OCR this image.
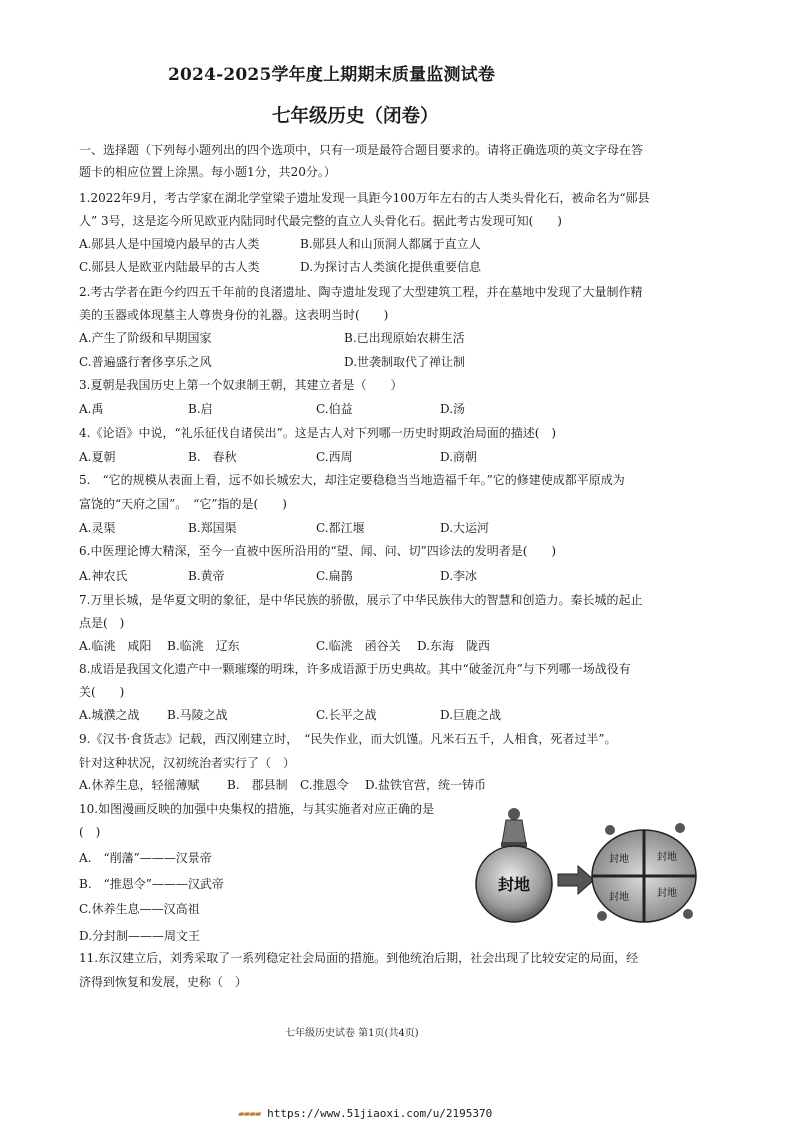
2024-2025学年度上期期末质量监测试卷
七年级历史（闭卷）
一、选择题（下列每小题列出的四个选项中，只有一项是最符合题目要求的。请将正确选项的英文字母在答
题卡的相应位置上涂黑。每小题1分，共20分。）
1.2022年9月，考古学家在湖北学堂梁子遗址发现一具距今100万年左右的古人类头骨化石，被命名为“郧县
人” 3号，这是迄今所见欧亚内陆同时代最完整的直立人头骨化石。据此考古发现可知(　　)
A.郧县人是中国境内最早的古人类	B.郧县人和山顶洞人都属于直立人
C.郧县人是欧亚内陆最早的古人类	D.为探讨古人类演化提供重要信息
2.考古学者在距今约四五千年前的良渚遗址、陶寺遗址发现了大型建筑工程，并在墓地中发现了大量制作精
美的玉器或体现墓主人尊贵身份的礼器。这表明当时(　　)
A.产生了阶级和早期国家	B.已出现原始农耕生活
C.普遍盛行奢侈享乐之风	D.世袭制取代了禅让制
3.夏朝是我国历史上第一个奴隶制王朝，其建立者是（　　）
A.禹	B.启	C.伯益	D.汤
4.《论语》中说，“礼乐征伐自诸侯出”。这是古人对下列哪一历史时期政治局面的描述(　)
A.夏朝	B.　春秋	C.西周	D.商朝
5.　“它的规模从表面上看，远不如长城宏大，却注定要稳稳当当地造福千年。”它的修建使成都平原成为
富饶的“天府之国”。　“它”指的是(　　)
A.灵渠	B.郑国渠	C.都江堰	D.大运河
6.中医理论博大精深，至今一直被中医所沿用的“望、闻、问、切”四诊法的发明者是(　　)
A.神农氏	B.黄帝	C.扁鹊	D.李冰
7.万里长城，是华夏文明的象征，是中华民族的骄傲，展示了中华民族伟大的智慧和创造力。秦长城的起止
点是(　)
A.临洮　咸阳 B.临洮　辽东	C.临洮　函谷关 D.东海　陇西
8.成语是我国文化遗产中一颗璀璨的明珠，许多成语源于历史典故。其中“破釜沉舟”与下列哪一场战役有
关(　　)
A.城濮之战 B.马陵之战	C.长平之战	D.巨鹿之战
9.《汉书·食货志》记载，西汉刚建立时，　“民失作业，而大饥馑。凡米石五千，人相食，死者过半”。
针对这种状况，汉初统治者实行了（　）
A.休养生息，轻徭薄赋 B.　郡县制 C.推恩令 D.盐铁官营，统一铸币
10.如图漫画反映的加强中央集权的措施，与其实施者对应正确的是
(　)
A.　“削藩”———汉景帝
B.　“推恩令”———汉武帝
C.休养生息——汉高祖
D.分封制———周文王
封地
封地	封地
封地	封地
11.东汉建立后，刘秀采取了一系列稳定社会局面的措施。到他统治后期，社会出现了比较安定的局面，经
济得到恢复和发展，史称（　）
七年级历史试卷 第1页(共4页)
▰▰▰▰ https://www.51jiaoxi.com/u/2195370
